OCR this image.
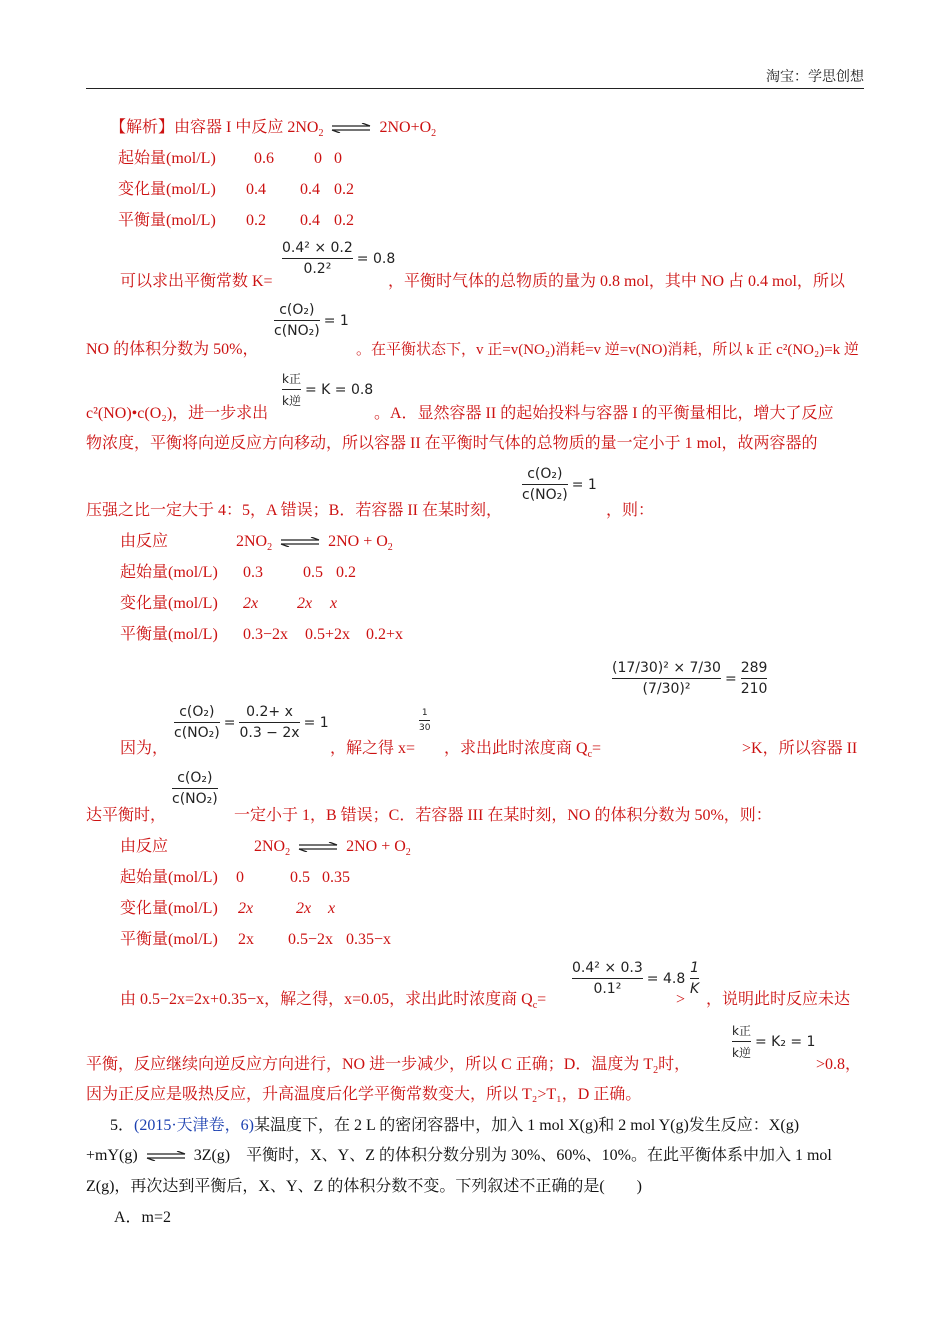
淘宝：学思创想
【解析】由容器 I 中反应 $2NO_2$ ⇌ $2NO+O_2$
起始量(mol/L) 0.6	0 0
变化量(mol/L) 0.4 0.4 0.2
平衡量(mol/L) 0.2 0.4 0.2
0.4² × 0.2
0.2²
= 0.8
可以求出平衡常数 K=	，平衡时气体的总物质的量为 0.8 mol，其中 NO 占 0.4 mol，所以
c(O₂)
c(NO₂)
= 1
NO 的体积分数为 50%，	。在平衡状态下，v 正=v(NO₂)消耗=v 逆=v(NO)消耗，所以 k 正 c²(NO₂)=k 逆
k正
k逆
= K = 0.8
c²(NO)•c(O₂)，进一步求出	。A．显然容器 II 的起始投料与容器 I 的平衡量相比，增大了反应
物浓度，平衡将向逆反应方向移动，所以容器 II 在平衡时气体的总物质的量一定小于 1 mol，故两容器的
c(O₂)
c(NO₂)
= 1
压强之比一定大于 4：5，A 错误；B．若容器 II 在某时刻，	，则：
由反应	$2NO_2$ ⇌ $2NO + O_2$
起始量(mol/L) 0.3	0.5 0.2
变化量(mol/L) 2x 2x x
平衡量(mol/L) 0.3−2x 0.5+2x 0.2+x
c(O₂)
c(NO₂)
=
0.2+ x
0.3 − 2x
= 1
1
30
(17/30)² × 7/30
(7/30)²
=
289
210
因为，	，解之得 x= ，求出此时浓度商 $Q_c=$	>K，所以容器 II
c(O₂)
c(NO₂)
达平衡时，	一定小于 1，B 错误；C．若容器 III 在某时刻，NO 的体积分数为 50%，则：
由反应	$2NO_2$ ⇌ $2NO + O_2$
起始量(mol/L) 0	0.5 0.35
变化量(mol/L) 2x	2x x
平衡量(mol/L) 2x 0.5−2x 0.35−x
0.4² × 0.3
0.1²
= 4.8
1
K
由 0.5−2x=2x+0.35−x，解之得，x=0.05，求出此时浓度商 $Q_c=$	> ，说明此时反应未达
k正
k逆
= K₂ = 1
平衡，反应继续向逆反应方向进行，NO 进一步减少，所以 C 正确；D．温度为 $T_2$时，	>0.8，
因为正反应是吸热反应，升高温度后化学平衡常数变大，所以 T₂>T₁，D 正确。
5．(2015·天津卷，6)某温度下，在 2 L 的密闭容器中，加入 1 mol X(g)和 2 mol Y(g)发生反应：X(g)
+mY(g) ⇌ 3Z(g)　平衡时，X、Y、Z 的体积分数分别为 30%、60%、10%。在此平衡体系中加入 1 mol
Z(g)，再次达到平衡后，X、Y、Z 的体积分数不变。下列叙述不正确的是(　　)
A．m=2
